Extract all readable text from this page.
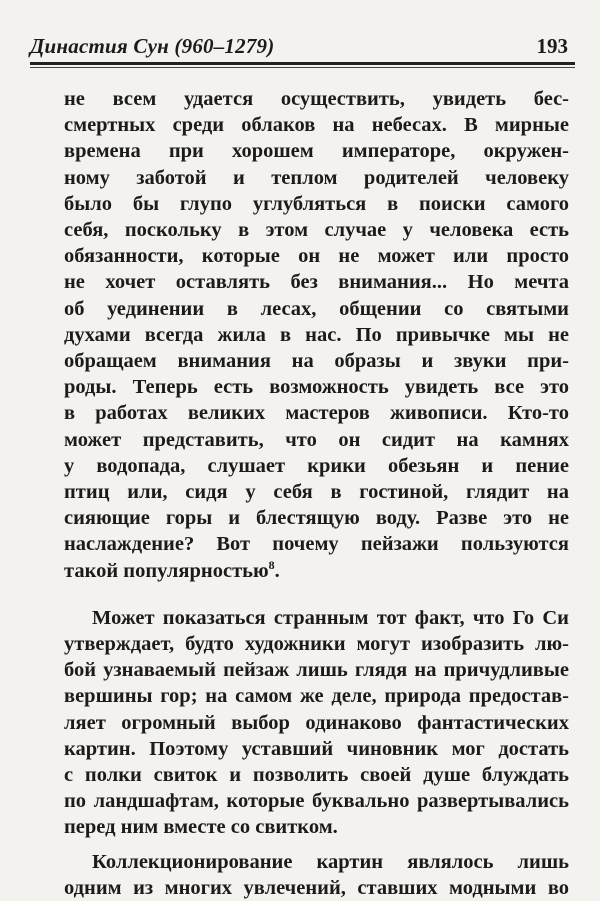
Династия Сун (960–1279)	193
не всем удается осуществить, увидеть бес-
смертных среди облаков на небесах. В мирные
времена при хорошем императоре, окружен-
ному заботой и теплом родителей человеку
было бы глупо углубляться в поиски самого
себя, поскольку в этом случае у человека есть
обязанности, которые он не может или просто
не хочет оставлять без внимания... Но мечта
об уединении в лесах, общении со святыми
духами всегда жила в нас. По привычке мы не
обращаем внимания на образы и звуки при-
роды. Теперь есть возможность увидеть все это
в работах великих мастеров живописи. Кто-то
может представить, что он сидит на камнях
у водопада, слушает крики обезьян и пение
птиц или, сидя у себя в гостиной, глядит на
сияющие горы и блестящую воду. Разве это не
наслаждение? Вот почему пейзажи пользуются
такой популярностью$^8$.
Может показаться странным тот факт, что Го Си
утверждает, будто художники могут изобразить лю-
бой узнаваемый пейзаж лишь глядя на причудливые
вершины гор; на самом же деле, природа предостав-
ляет огромный выбор одинаково фантастических
картин. Поэтому уставший чиновник мог достать
с полки свиток и позволить своей душе блуждать
по ландшафтам, которые буквально развертывались
перед ним вместе со свитком.
Коллекционирование картин являлось лишь
одним из многих увлечений, ставших модными во
